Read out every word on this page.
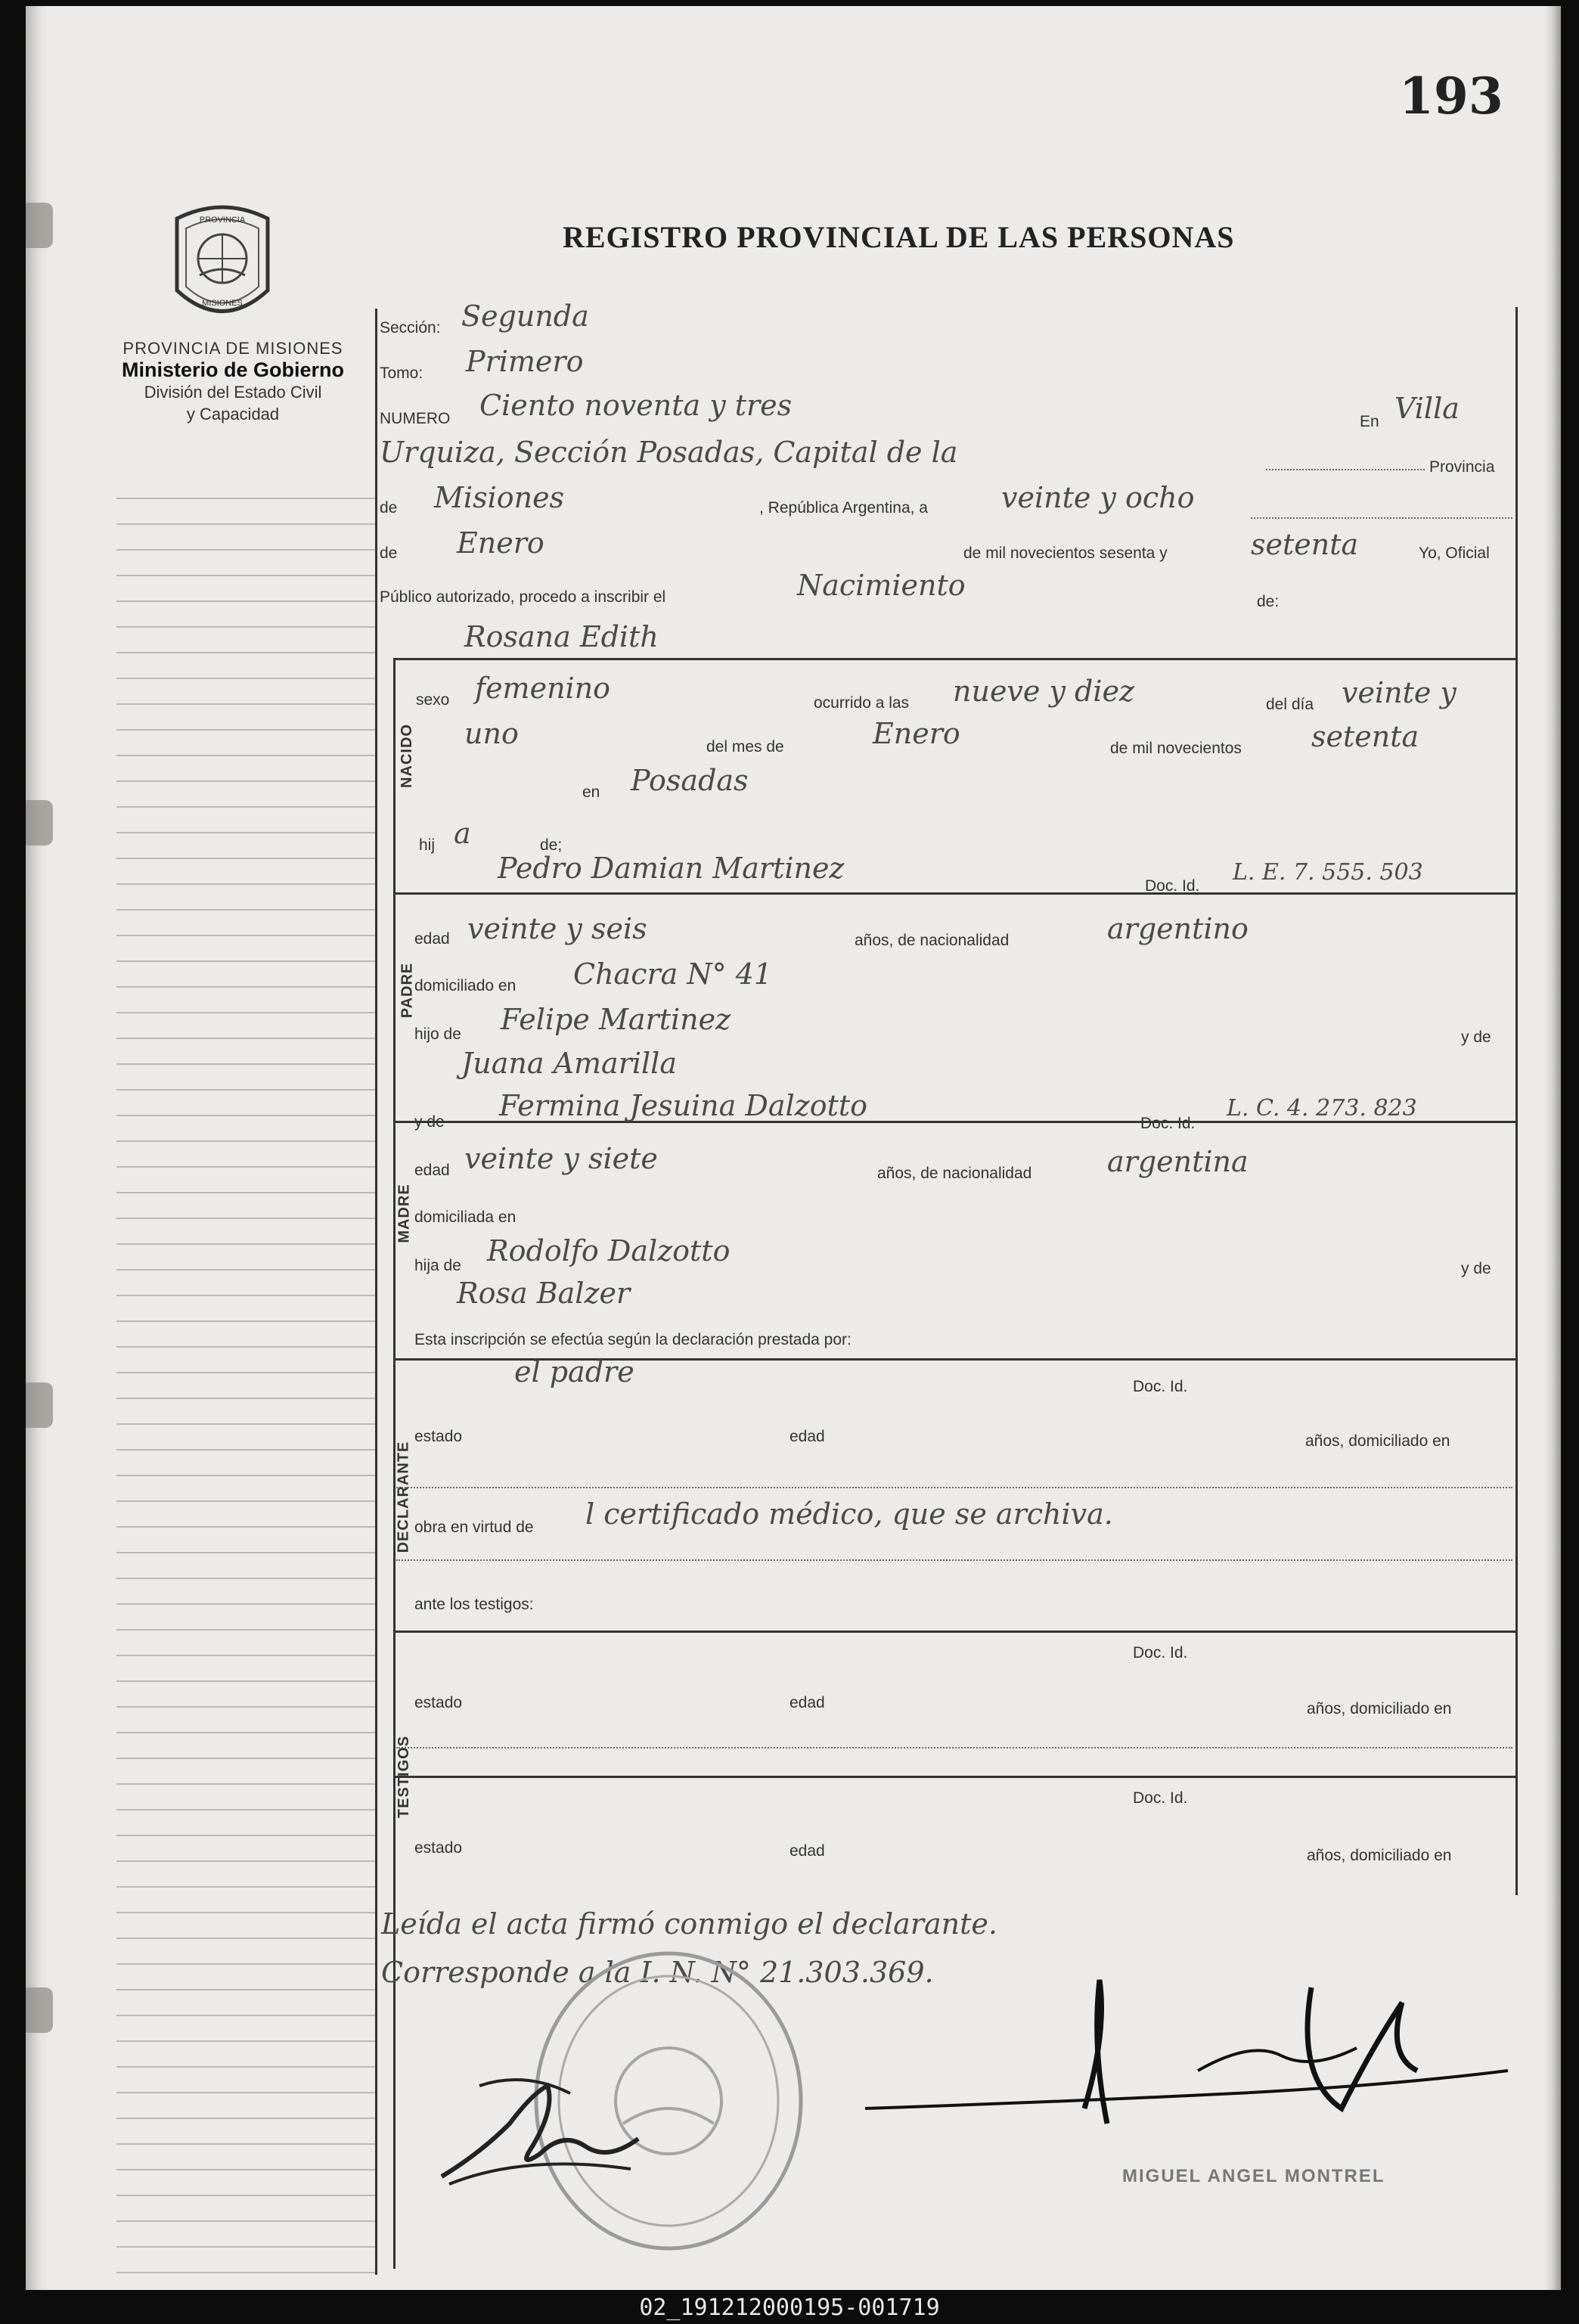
193
REGISTRO PROVINCIAL DE LAS PERSONAS
PROVINCIA
MISIONES
PROVINCIA DE MISIONES
Ministerio de Gobierno
División del Estado Civil
y Capacidad
NACIDO
PADRE
MADRE
DECLARANTE
TESTIGOS
Sección: Segunda
Tomo: Primero
NUMERO Ciento noventa y tres	En Villa
Urquiza, Sección Posadas, Capital de la	Provincia
de Misiones	, República Argentina, a	veinte y ocho
de Enero	de mil novecientos sesenta y	setenta	Yo, Oficial
Público autorizado, procedo a inscribir el	Nacimiento	de:
Rosana Edith
sexo femenino	ocurrido a las nueve y diez	del día veinte y
uno	del mes de	Enero	de mil novecientos setenta
en Posadas
hij a	de;
Pedro Damian Martinez
Doc. Id.
L. E. 7. 555. 503
edad veinte y seis	años, de nacionalidad	argentino
domiciliado en Chacra N° 41
hijo de Felipe Martinez
y de
Juana Amarilla
y de Fermina Jesuina Dalzotto
Doc. Id.
L. C. 4. 273. 823
edad veinte y siete	años, de nacionalidad	argentina
domiciliada en
hija de Rodolfo Dalzotto
y de
Rosa Balzer
Esta inscripción se efectúa según la declaración prestada por:
el padre	Doc. Id.
estado	edad	años, domiciliado en
obra en virtud de l certificado médico, que se archiva.
ante los testigos:
Doc. Id.
estado	edad	años, domiciliado en
Doc. Id.
estado	edad	años, domiciliado en
Leída el acta firmó conmigo el declarante.
Corresponde a la I. N. N° 21.303.369.
MIGUEL ANGEL MONTREL
02_191212000195-001719
